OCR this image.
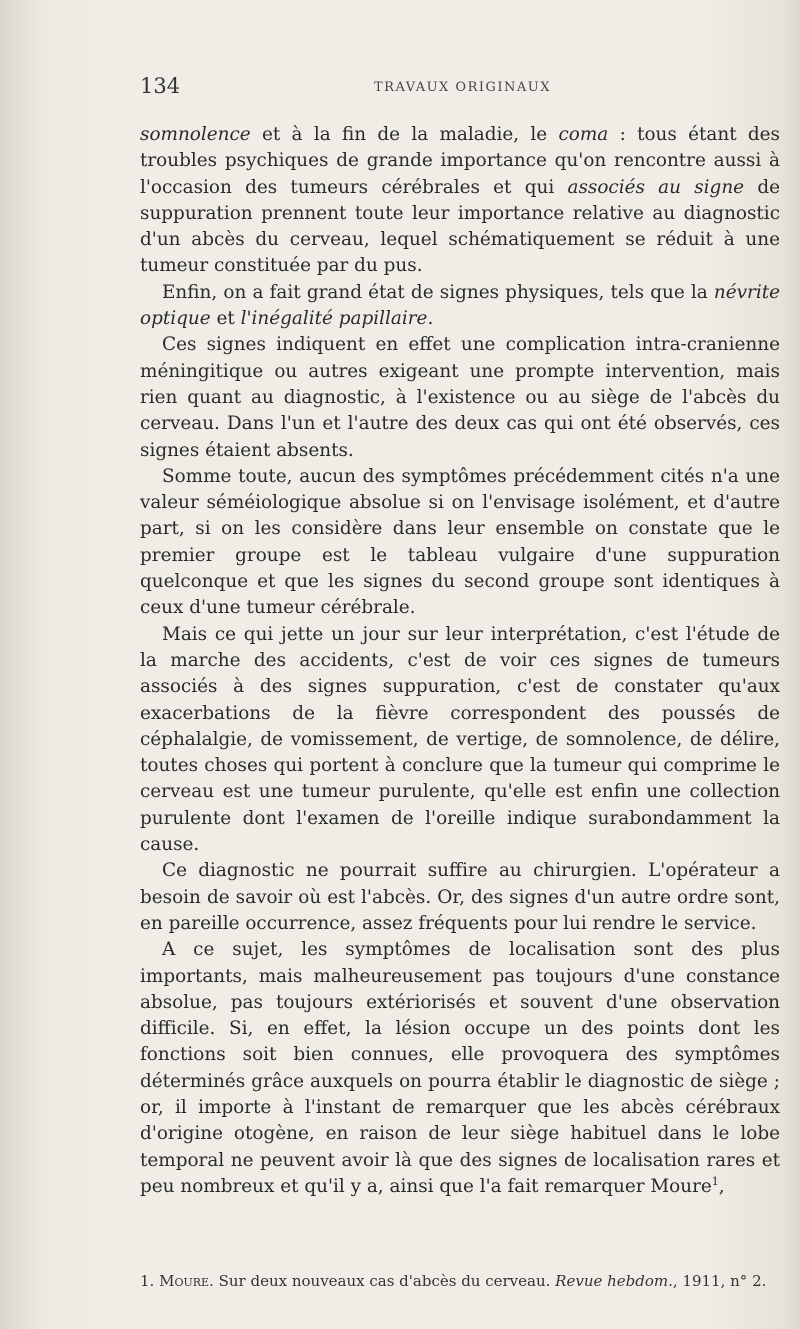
134	TRAVAUX ORIGINAUX

somnolence et à la fin de la maladie, le coma : tous étant des troubles psychiques de grande importance qu'on rencontre aussi à l'occasion des tumeurs cérébrales et qui associés au signe de suppuration prennent toute leur importance relative au diagnostic d'un abcès du cerveau, lequel schématiquement se réduit à une tumeur constituée par du pus.

Enfin, on a fait grand état de signes physiques, tels que la névrite optique et l'inégalité papillaire.

Ces signes indiquent en effet une complication intra-cranienne méningitique ou autres exigeant une prompte intervention, mais rien quant au diagnostic, à l'existence ou au siège de l'abcès du cerveau. Dans l'un et l'autre des deux cas qui ont été observés, ces signes étaient absents.

Somme toute, aucun des symptômes précédemment cités n'a une valeur séméiologique absolue si on l'envisage isolément, et d'autre part, si on les considère dans leur ensemble on constate que le premier groupe est le tableau vulgaire d'une suppuration quelconque et que les signes du second groupe sont identiques à ceux d'une tumeur cérébrale.

Mais ce qui jette un jour sur leur interprétation, c'est l'étude de la marche des accidents, c'est de voir ces signes de tumeurs associés à des signes suppuration, c'est de constater qu'aux exacerbations de la fièvre correspondent des poussés de céphalalgie, de vomissement, de vertige, de somnolence, de délire, toutes choses qui portent à conclure que la tumeur qui comprime le cerveau est une tumeur purulente, qu'elle est enfin une collection purulente dont l'examen de l'oreille indique surabondamment la cause.

Ce diagnostic ne pourrait suffire au chirurgien. L'opérateur a besoin de savoir où est l'abcès. Or, des signes d'un autre ordre sont, en pareille occurrence, assez fréquents pour lui rendre le service.

A ce sujet, les symptômes de localisation sont des plus importants, mais malheureusement pas toujours d'une constance absolue, pas toujours extériorisés et souvent d'une observation difficile. Si, en effet, la lésion occupe un des points dont les fonctions soit bien connues, elle provoquera des symptômes déterminés grâce auxquels on pourra établir le diagnostic de siège ; or, il importe à l'instant de remarquer que les abcès cérébraux d'origine otogène, en raison de leur siège habituel dans le lobe temporal ne peuvent avoir là que des signes de localisation rares et peu nombreux et qu'il y a, ainsi que l'a fait remarquer Moure$^1$,

1. Moure. Sur deux nouveaux cas d'abcès du cerveau. Revue hebdom., 1911, n° 2.
